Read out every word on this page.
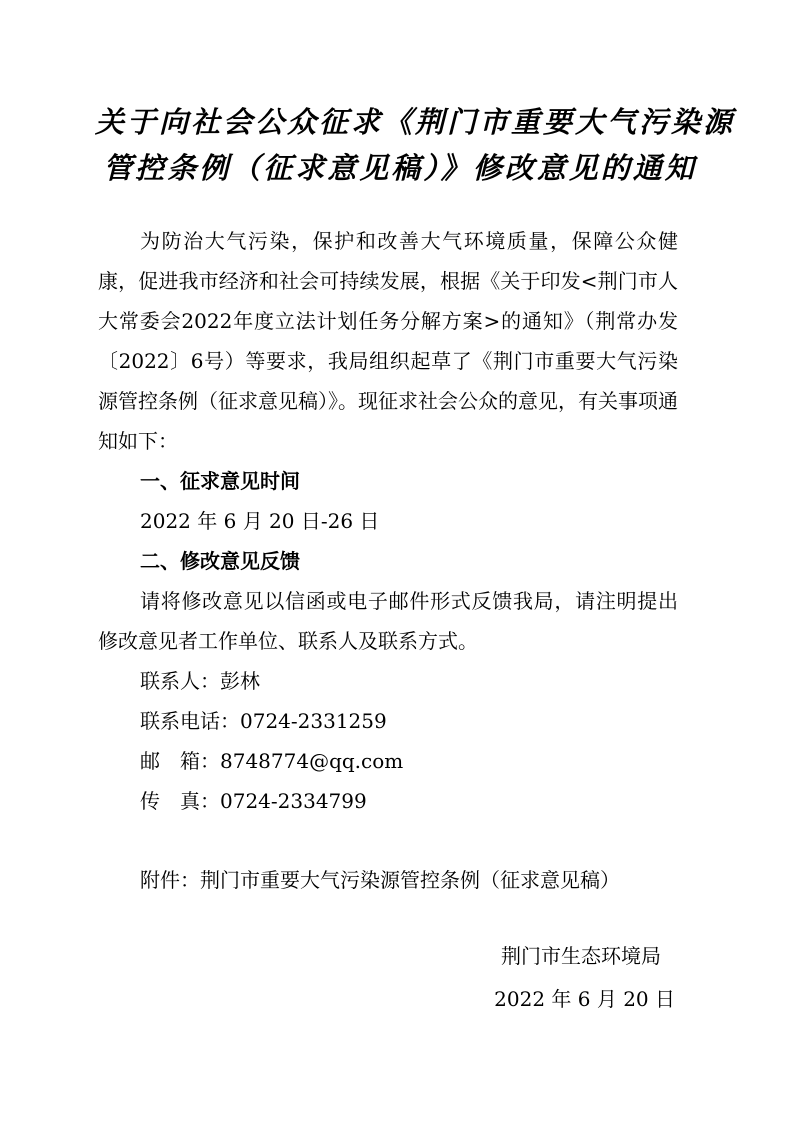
关于向社会公众征求《荆门市重要大气污染源
管控条例（征求意见稿）》修改意见的通知

为防治大气污染，保护和改善大气环境质量，保障公众健康，促进我市经济和社会可持续发展，根据《关于印发<荆门市人大常委会2022年度立法计划任务分解方案>的通知》（荆常办发〔2022〕6号）等要求，我局组织起草了《荆门市重要大气污染源管控条例（征求意见稿）》。现征求社会公众的意见，有关事项通知如下：

一、征求意见时间

2022 年 6 月 20 日-26 日

二、修改意见反馈

请将修改意见以信函或电子邮件形式反馈我局，请注明提出修改意见者工作单位、联系人及联系方式。

联系人：彭林

联系电话：0724-2331259

邮　箱：8748774@qq.com

传　真：0724-2334799

附件：荆门市重要大气污染源管控条例（征求意见稿）

荆门市生态环境局
2022 年 6 月 20 日
